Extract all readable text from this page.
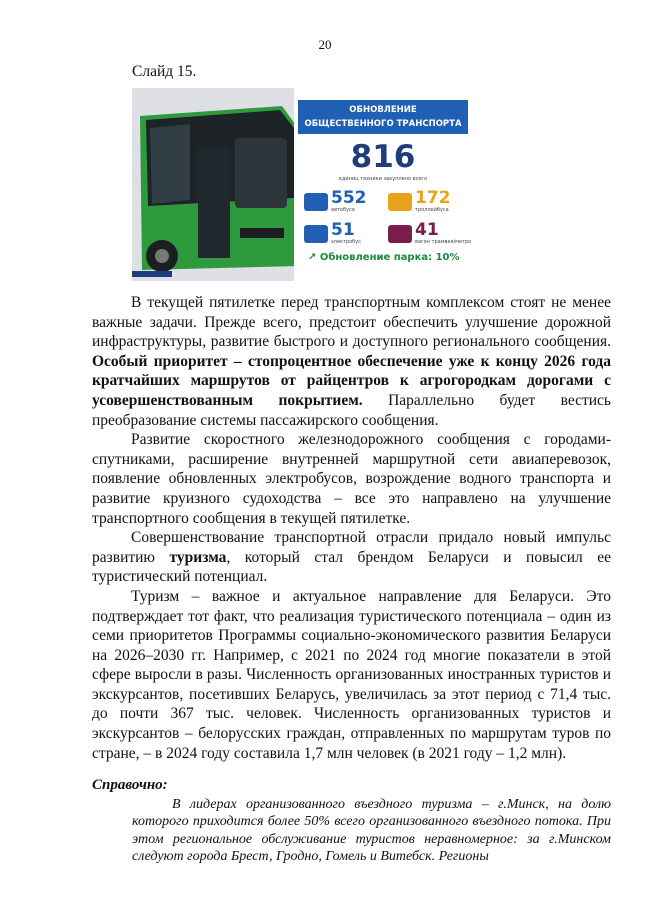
20
Слайд 15.
ОБНОВЛЕНИЕ
ОБЩЕСТВЕННОГО ТРАНСПОРТА
816
единиц техники закуплено всего
552
автобуса
172
троллейбуса
51
электробус
41
вагон трамвая/метро
↗ Обновление парка: 10%

В текущей пятилетке перед транспортным комплексом стоят не менее важные задачи. Прежде всего, предстоит обеспечить улучшение дорожной инфраструктуры, развитие быстрого и доступного регионального сообщения. Особый приоритет – стопроцентное обеспечение уже к концу 2026 года кратчайших маршрутов от райцентров к агрогородкам дорогами с усовершенствованным покрытием. Параллельно будет вестись преобразование системы пассажирского сообщения.

Развитие скоростного железнодорожного сообщения с городами-спутниками, расширение внутренней маршрутной сети авиаперевозок, появление обновленных электробусов, возрождение водного транспорта и развитие круизного судоходства – все это направлено на улучшение транспортного сообщения в текущей пятилетке.

Совершенствование транспортной отрасли придало новый импульс развитию туризма, который стал брендом Беларуси и повысил ее туристический потенциал.

Туризм – важное и актуальное направление для Беларуси. Это подтверждает тот факт, что реализация туристического потенциала – один из семи приоритетов Программы социально-экономического развития Беларуси на 2026–2030 гг. Например, с 2021 по 2024 год многие показатели в этой сфере выросли в разы. Численность организованных иностранных туристов и экскурсантов, посетивших Беларусь, увеличилась за этот период с 71,4 тыс. до почти 367 тыс. человек. Численность организованных туристов и экскурсантов – белорусских граждан, отправленных по маршрутам туров по стране, – в 2024 году составила 1,7 млн человек (в 2021 году – 1,2 млн).

Справочно:

В лидерах организованного въездного туризма – г.Минск, на долю которого приходится более 50% всего организованного въездного потока. При этом региональное обслуживание туристов неравномерное: за г.Минском следуют города Брест, Гродно, Гомель и Витебск. Регионы
